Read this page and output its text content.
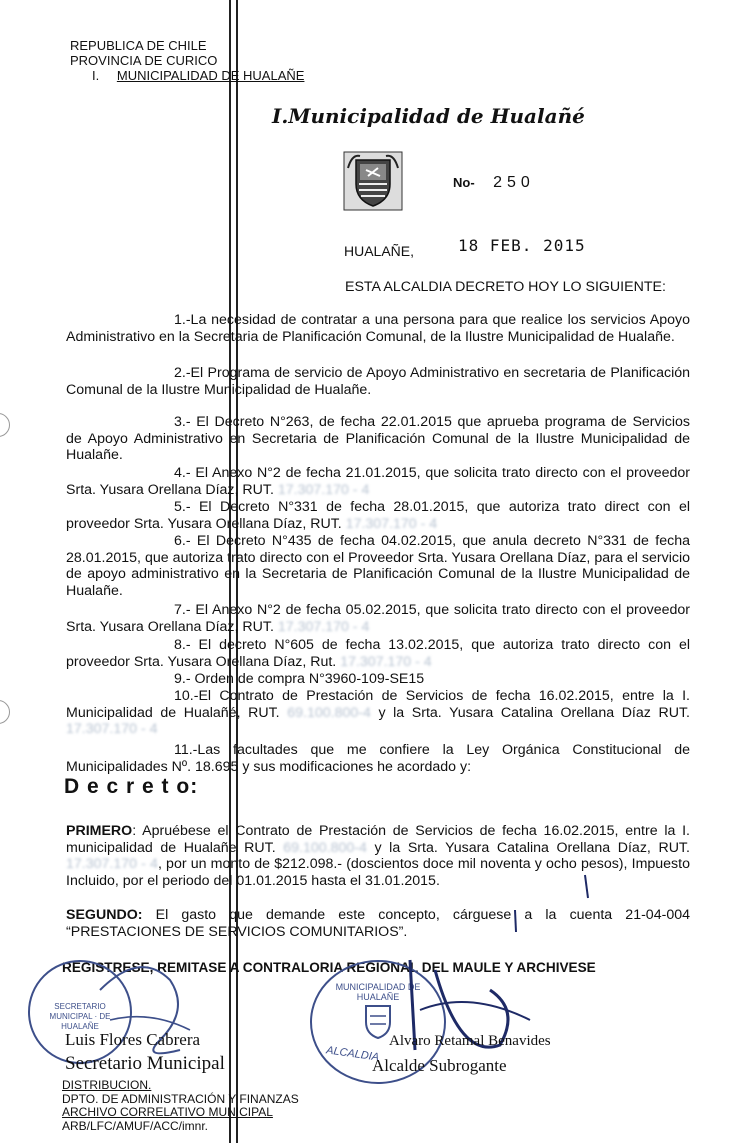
REPUBLICA DE CHILE
PROVINCIA DE CURICO
I. MUNICIPALIDAD DE HUALAÑE
I.Municipalidad de Hualañé
No- 250
HUALAÑE,	18 FEB. 2015
ESTA ALCALDIA DECRETO HOY LO SIGUIENTE:
1.-La necesidad de contratar a una persona para que realice los servicios Apoyo Administrativo en la Secretaria de Planificación Comunal, de la Ilustre Municipalidad de Hualañe.
2.-El Programa de servicio de Apoyo Administrativo en secretaria de Planificación Comunal de la Ilustre Municipalidad de Hualañe.
3.- El Decreto N°263, de fecha 22.01.2015 que aprueba programa de Servicios de Apoyo Administrativo en Secretaria de Planificación Comunal de la Ilustre Municipalidad de Hualañe.
4.- El Anexo N°2 de fecha 21.01.2015, que solicita trato directo con el proveedor Srta. Yusara Orellana Díaz, RUT. 17.307.170 - 4
5.- El Decreto N°331 de fecha 28.01.2015, que autoriza trato direct con el proveedor Srta. Yusara Orellana Díaz, RUT. 17.307.170 - 4
6.- El Decreto N°435 de fecha 04.02.2015, que anula decreto N°331 de fecha 28.01.2015, que autoriza trato directo con el Proveedor Srta. Yusara Orellana Díaz, para el servicio de apoyo administrativo en la Secretaria de Planificación Comunal de la Ilustre Municipalidad de Hualañe.
7.- El Anexo N°2 de fecha 05.02.2015, que solicita trato directo con el proveedor Srta. Yusara Orellana Díaz, RUT. 17.307.170 - 4
8.- El decreto N°605 de fecha 13.02.2015, que autoriza trato directo con el proveedor Srta. Yusara Orellana Díaz, Rut. 17.307.170 - 4
9.- Orden de compra N°3960-109-SE15
10.-El Contrato de Prestación de Servicios de fecha 16.02.2015, entre la I. Municipalidad de Hualañé, RUT. 69.100.800-4 y la Srta. Yusara Catalina Orellana Díaz RUT. 17.307.170 - 4
11.-Las facultades que me confiere la Ley Orgánica Constitucional de Municipalidades Nº. 18.695 y sus modificaciones he acordado y:
D e c r e t o:
PRIMERO: Apruébese el Contrato de Prestación de Servicios de fecha 16.02.2015, entre la I. municipalidad de Hualañe RUT. 69.100.800-4 y la Srta. Yusara Catalina Orellana Díaz, RUT. 17.307.170 - 4, por un monto de $212.098.- (doscientos doce mil noventa y ocho pesos), Impuesto Incluido, por el periodo del 01.01.2015 hasta el 31.01.2015.
SEGUNDO: El gasto que demande este concepto, cárguese a la cuenta 21-04-004 “PRESTACIONES DE SERVICIOS COMUNITARIOS”.
REGISTRESE, REMITASE A CONTRALORIA REGIONAL DEL MAULE Y ARCHIVESE
SECRETARIO MUNICIPAL · DE HUALAÑE
MUNICIPALIDAD DE HUALAÑE
ALCALDIA
Luis Flores Cabrera
Secretario Municipal
Alvaro Retamal Benavides
Alcalde Subrogante
DISTRIBUCION.
DPTO. DE ADMINISTRACIÓN Y FINANZAS
ARCHIVO CORRELATIVO MUNICIPAL
ARB/LFC/AMUF/ACC/imnr.
